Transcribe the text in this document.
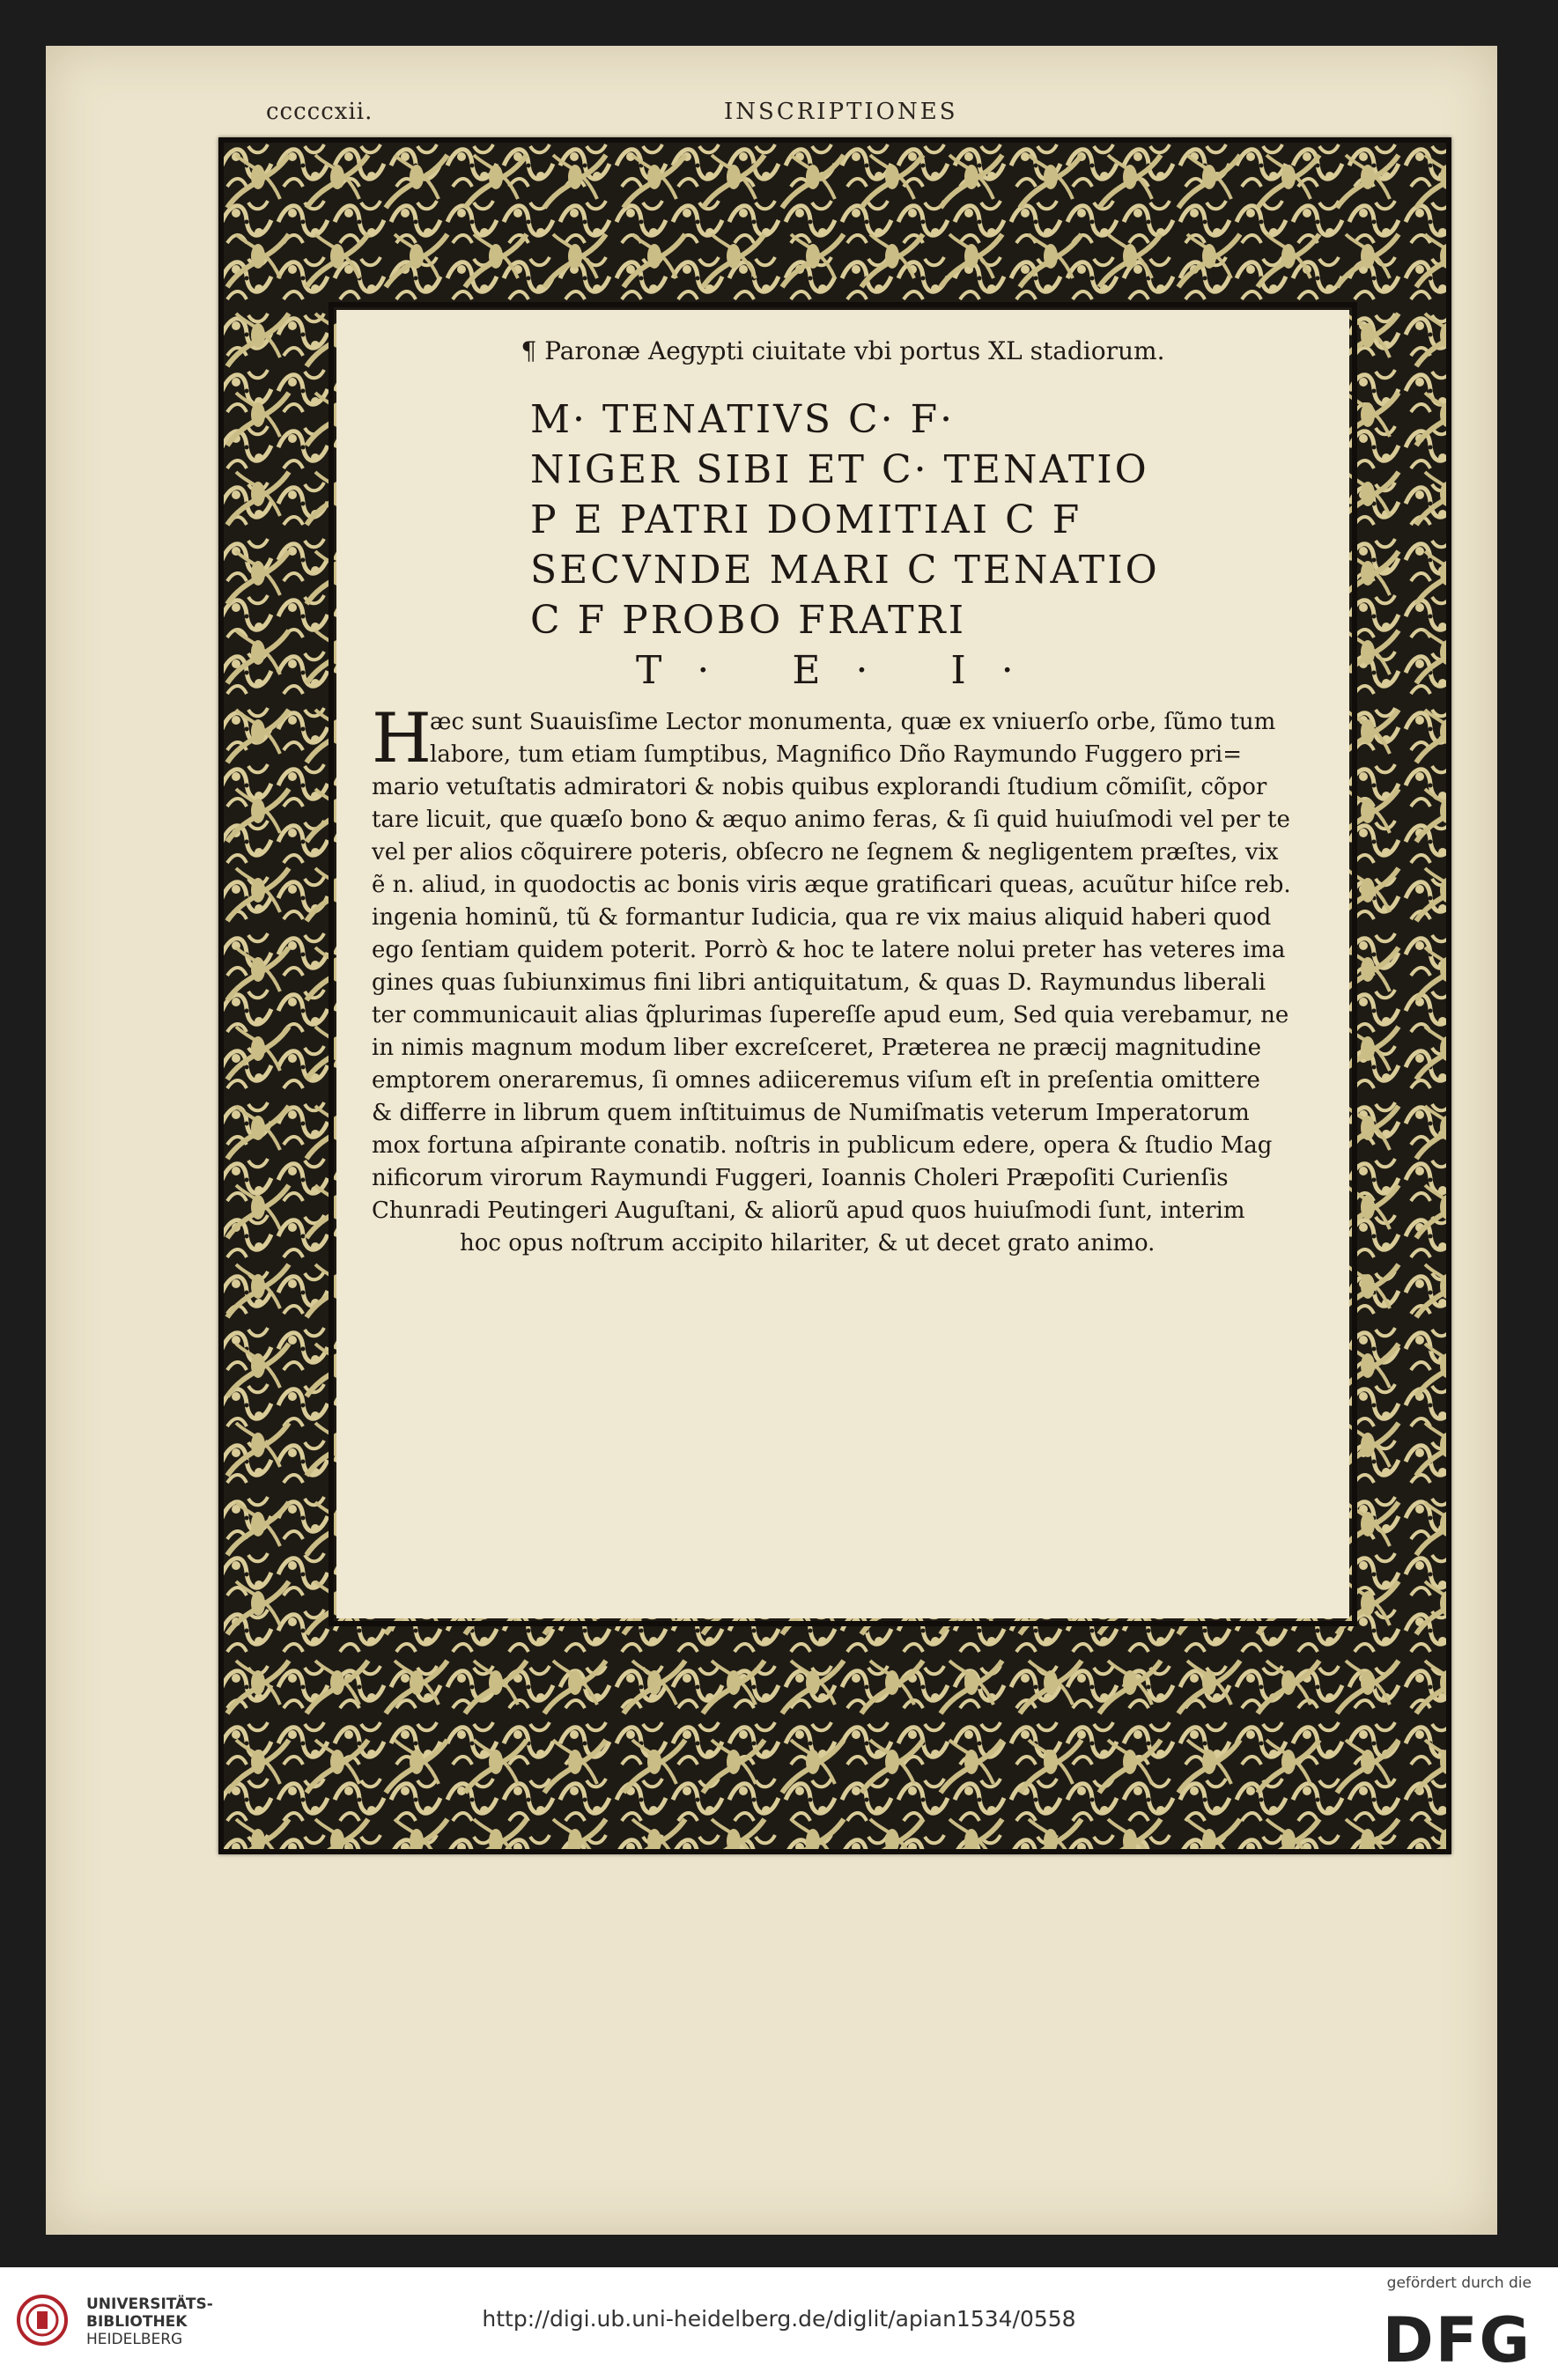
cccccxii.	INSCRIPTIONES
¶ Paronæ Aegypti ciuitate vbi portus XL stadiorum.
M· TENATIVS C· F·
NIGER SIBI ET C· TENATIO
P E PATRI DOMITIAI C F
SECVNDE MARI C TENATIO
C F PROBO FRATRI
T· E· I·
H
æc sunt Suauisſime Lector monumenta, quæ ex vniuerſo orbe, ſũmo tum
labore, tum etiam ſumptibus, Magnifico Dño Raymundo Fuggero pri=
mario vetuſtatis admiratori & nobis quibus explorandi ſtudium cõmiſit, cõpor
tare licuit, que quæſo bono & æquo animo feras, & ſi quid huiuſmodi vel per te
vel per alios cõquirere poteris, obſecro ne ſegnem & negligentem præſtes, vix
ẽ n. aliud, in quodoctis ac bonis viris æque gratificari queas, acuũtur hiſce reb.
ingenia hominũ, tũ & formantur Iudicia, qua re vix maius aliquid haberi quod
ego ſentiam quidem poterit. Porrò & hoc te latere nolui preter has veteres ima
gines quas ſubiunximus fini libri antiquitatum, & quas D. Raymundus liberali
ter communicauit alias q̃plurimas ſupereſſe apud eum, Sed quia verebamur, ne
in nimis magnum modum liber excreſceret, Præterea ne præcij magnitudine
emptorem oneraremus, ſi omnes adiiceremus viſum eſt in preſentia omittere
& differre in librum quem inſtituimus de Numiſmatis veterum Imperatorum
mox fortuna aſpirante conatib. noſtris in publicum edere, opera & ſtudio Mag
nificorum virorum Raymundi Fuggeri, Ioannis Choleri Præpoſiti Curienſis
Chunradi Peutingeri Auguſtani, & aliorũ apud quos huiuſmodi ſunt, interim
hoc opus noſtrum accipito hilariter, & ut decet grato animo.
UNIVERSITÄTS-
BIBLIOTHEK
HEIDELBERG
http://digi.ub.uni-heidelberg.de/diglit/apian1534/0558
gefördert durch die
DFG
